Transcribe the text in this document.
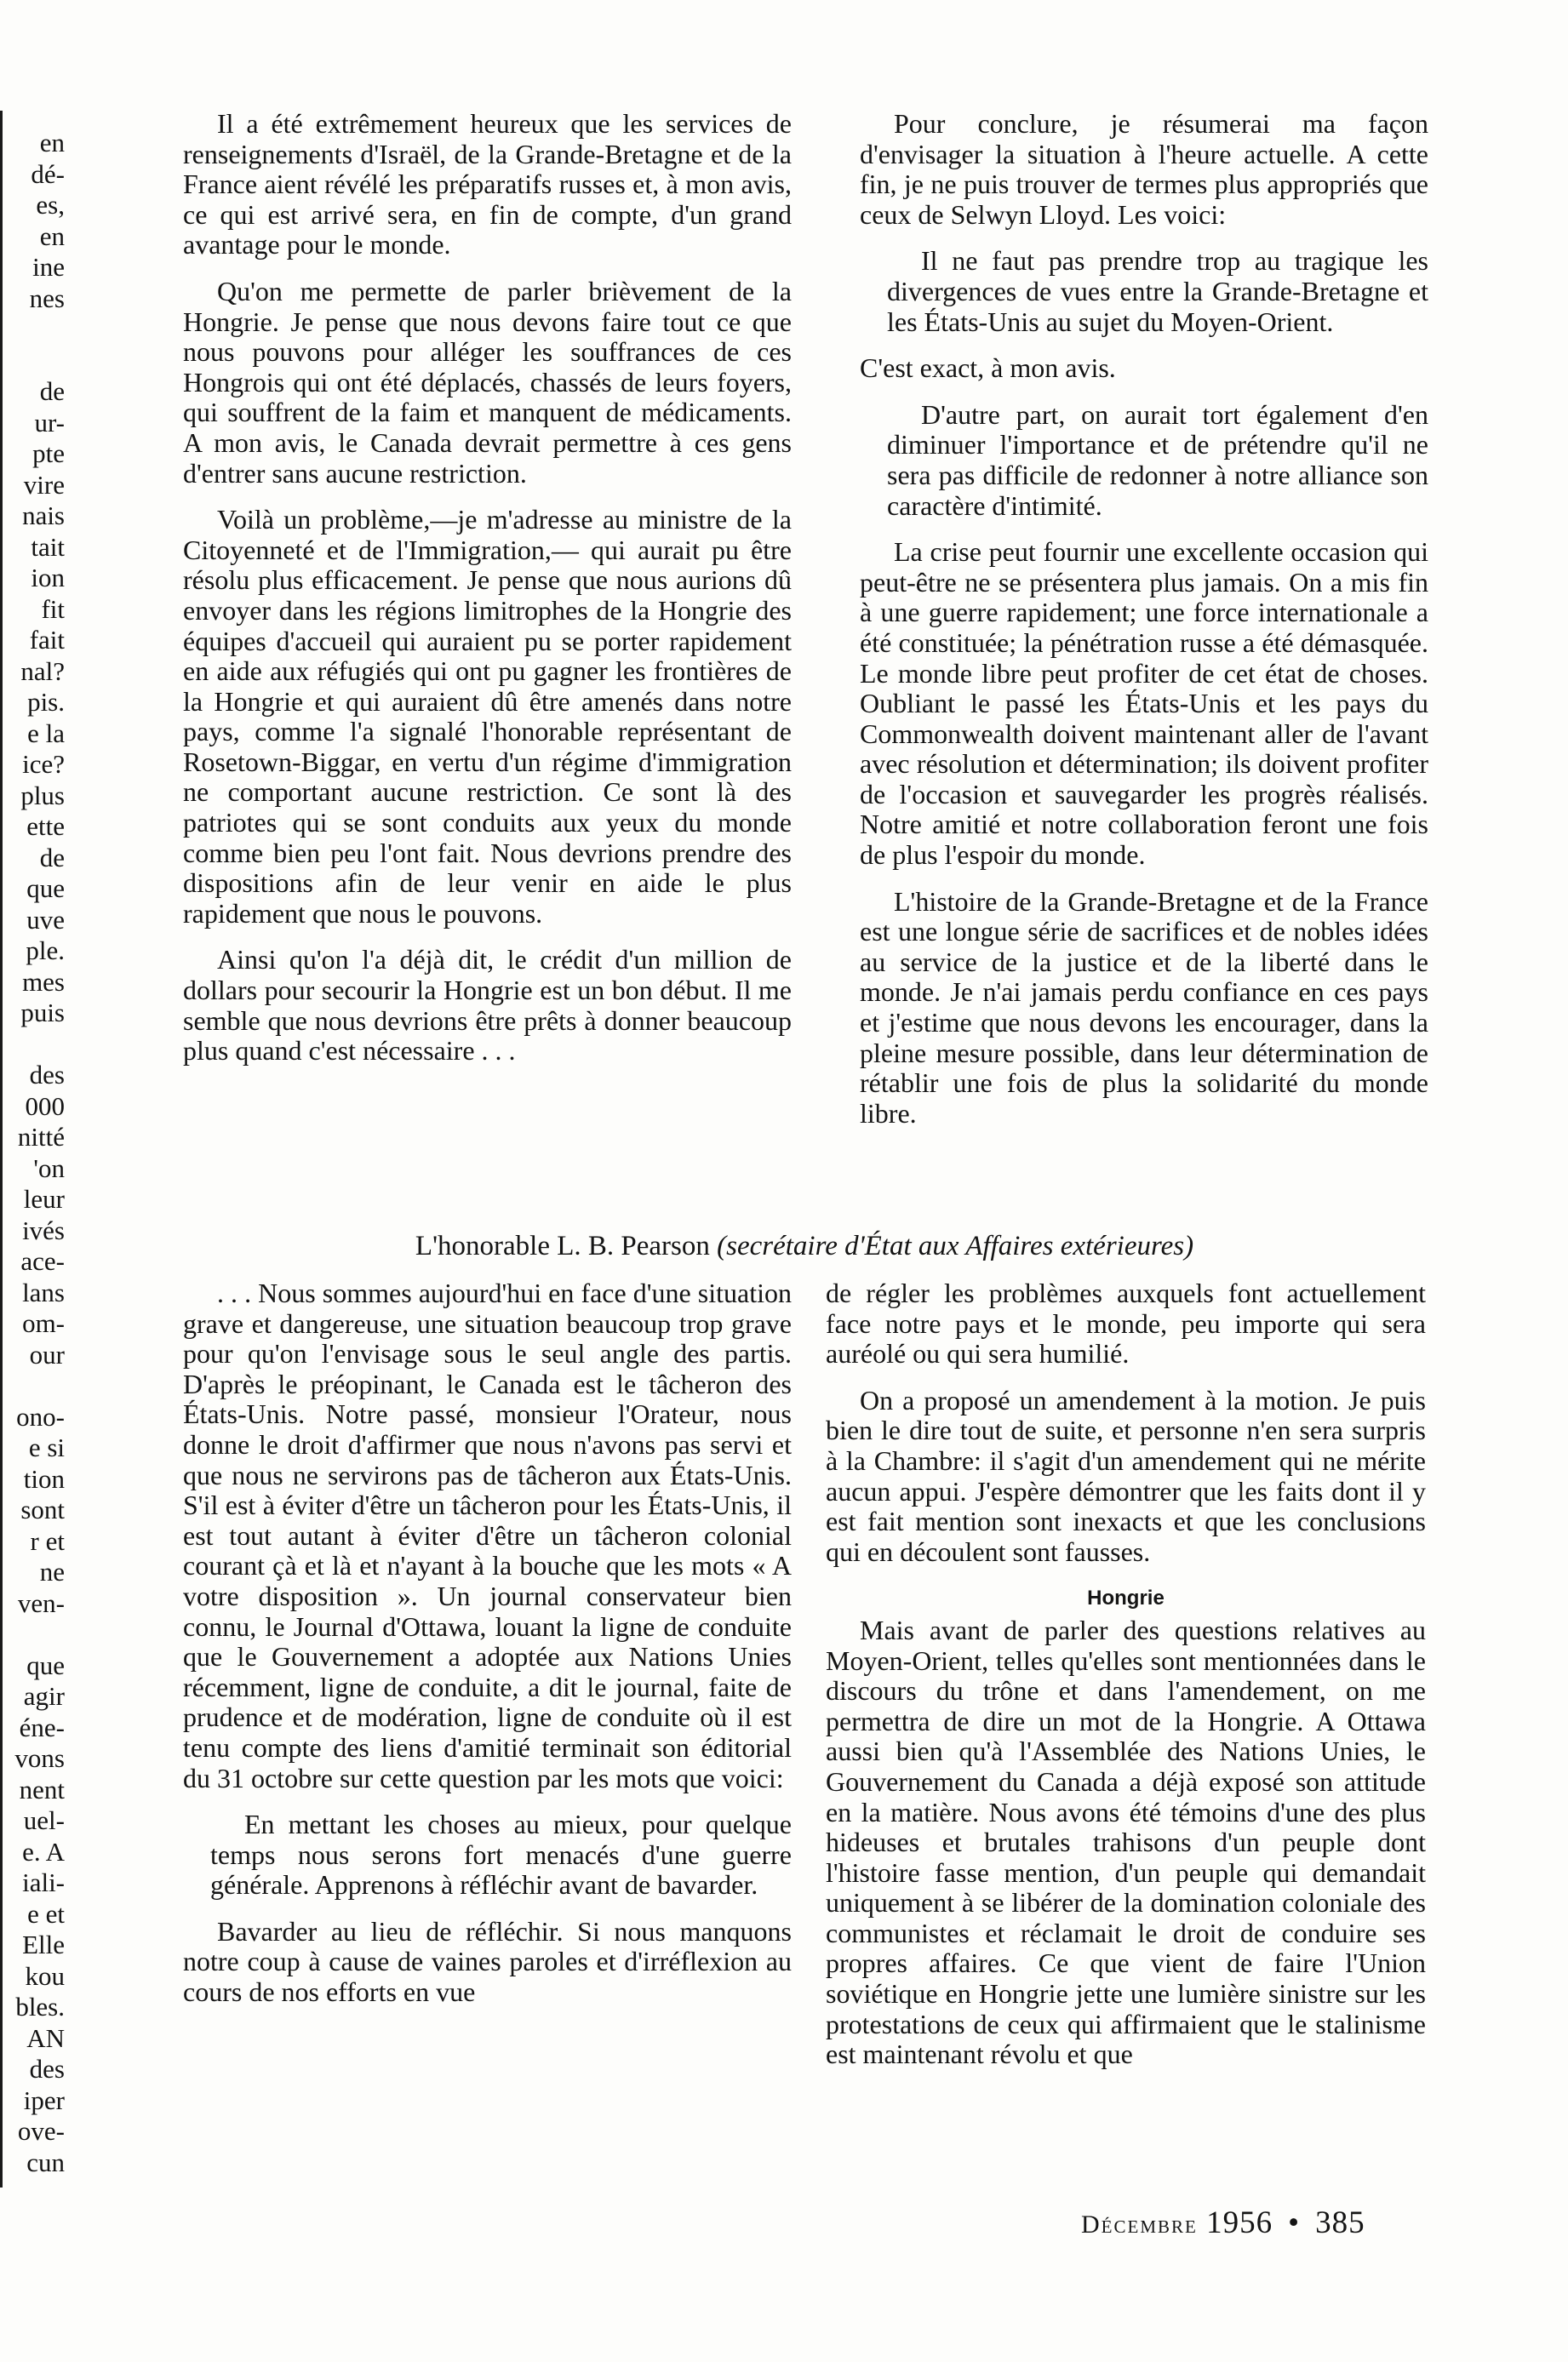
en
dé-
es,
en
ine
nes
de
ur-
pte
vire
nais
tait
ion
fit
fait
nal?
pis.
e la
ice?
plus
ette
de
que
uve
ple.
mes
puis
des
000
nitté
'on
leur
ivés
ace-
lans
om-
our
ono-
e si
tion
sont
r et
ne
ven-
que
agir
éne-
vons
nent
uel-
e. A
iali-
e et
Elle
kou
bles.
AN
des
iper
ove-
cun

Il a été extrêmement heureux que les services de renseignements d'Israël, de la Grande-Bretagne et de la France aient révélé les préparatifs russes et, à mon avis, ce qui est arrivé sera, en fin de compte, d'un grand avantage pour le monde.

Qu'on me permette de parler brièvement de la Hongrie. Je pense que nous devons faire tout ce que nous pouvons pour alléger les souffrances de ces Hongrois qui ont été déplacés, chassés de leurs foyers, qui souffrent de la faim et manquent de médicaments. A mon avis, le Canada devrait permettre à ces gens d'entrer sans aucune restriction.

Voilà un problème,—je m'adresse au ministre de la Citoyenneté et de l'Immigration,— qui aurait pu être résolu plus efficacement. Je pense que nous aurions dû envoyer dans les régions limitrophes de la Hongrie des équipes d'accueil qui auraient pu se porter rapidement en aide aux réfugiés qui ont pu gagner les frontières de la Hongrie et qui auraient dû être amenés dans notre pays, comme l'a signalé l'honorable représentant de Rosetown-Biggar, en vertu d'un régime d'immigration ne comportant aucune restriction. Ce sont là des patriotes qui se sont conduits aux yeux du monde comme bien peu l'ont fait. Nous devrions prendre des dispositions afin de leur venir en aide le plus rapidement que nous le pouvons.

Ainsi qu'on l'a déjà dit, le crédit d'un million de dollars pour secourir la Hongrie est un bon début. Il me semble que nous devrions être prêts à donner beaucoup plus quand c'est nécessaire . . .

Pour conclure, je résumerai ma façon d'envisager la situation à l'heure actuelle. A cette fin, je ne puis trouver de termes plus appropriés que ceux de Selwyn Lloyd. Les voici:

Il ne faut pas prendre trop au tragique les divergences de vues entre la Grande-Bretagne et les États-Unis au sujet du Moyen-Orient.

C'est exact, à mon avis.

D'autre part, on aurait tort également d'en diminuer l'importance et de prétendre qu'il ne sera pas difficile de redonner à notre alliance son caractère d'intimité.

La crise peut fournir une excellente occasion qui peut-être ne se présentera plus jamais. On a mis fin à une guerre rapidement; une force internationale a été constituée; la pénétration russe a été démasquée. Le monde libre peut profiter de cet état de choses. Oubliant le passé les États-Unis et les pays du Commonwealth doivent maintenant aller de l'avant avec résolution et détermination; ils doivent profiter de l'occasion et sauvegarder les progrès réalisés. Notre amitié et notre collaboration feront une fois de plus l'espoir du monde.

L'histoire de la Grande-Bretagne et de la France est une longue série de sacrifices et de nobles idées au service de la justice et de la liberté dans le monde. Je n'ai jamais perdu confiance en ces pays et j'estime que nous devons les encourager, dans la pleine mesure possible, dans leur détermination de rétablir une fois de plus la solidarité du monde libre.

L'honorable L. B. Pearson (secrétaire d'État aux Affaires extérieures)

. . . Nous sommes aujourd'hui en face d'une situation grave et dangereuse, une situation beaucoup trop grave pour qu'on l'envisage sous le seul angle des partis. D'après le préopinant, le Canada est le tâcheron des États-Unis. Notre passé, monsieur l'Orateur, nous donne le droit d'affirmer que nous n'avons pas servi et que nous ne servirons pas de tâcheron aux États-Unis. S'il est à éviter d'être un tâcheron pour les États-Unis, il est tout autant à éviter d'être un tâcheron colonial courant çà et là et n'ayant à la bouche que les mots « A votre disposition ». Un journal conservateur bien connu, le Journal d'Ottawa, louant la ligne de conduite que le Gouvernement a adoptée aux Nations Unies récemment, ligne de conduite, a dit le journal, faite de prudence et de modération, ligne de conduite où il est tenu compte des liens d'amitié terminait son éditorial du 31 octobre sur cette question par les mots que voici:

En mettant les choses au mieux, pour quelque temps nous serons fort menacés d'une guerre générale. Apprenons à réfléchir avant de bavarder.

Bavarder au lieu de réfléchir. Si nous manquons notre coup à cause de vaines paroles et d'irréflexion au cours de nos efforts en vue

de régler les problèmes auxquels font actuellement face notre pays et le monde, peu importe qui sera auréolé ou qui sera humilié.

On a proposé un amendement à la motion. Je puis bien le dire tout de suite, et personne n'en sera surpris à la Chambre: il s'agit d'un amendement qui ne mérite aucun appui. J'espère démontrer que les faits dont il y est fait mention sont inexacts et que les conclusions qui en découlent sont fausses.

Hongrie

Mais avant de parler des questions relatives au Moyen-Orient, telles qu'elles sont mentionnées dans le discours du trône et dans l'amendement, on me permettra de dire un mot de la Hongrie. A Ottawa aussi bien qu'à l'Assemblée des Nations Unies, le Gouvernement du Canada a déjà exposé son attitude en la matière. Nous avons été témoins d'une des plus hideuses et brutales trahisons d'un peuple dont l'histoire fasse mention, d'un peuple qui demandait uniquement à se libérer de la domination coloniale des communistes et réclamait le droit de conduire ses propres affaires. Ce que vient de faire l'Union soviétique en Hongrie jette une lumière sinistre sur les protestations de ceux qui affirmaient que le stalinisme est maintenant révolu et que

Décembre 1956 • 385
